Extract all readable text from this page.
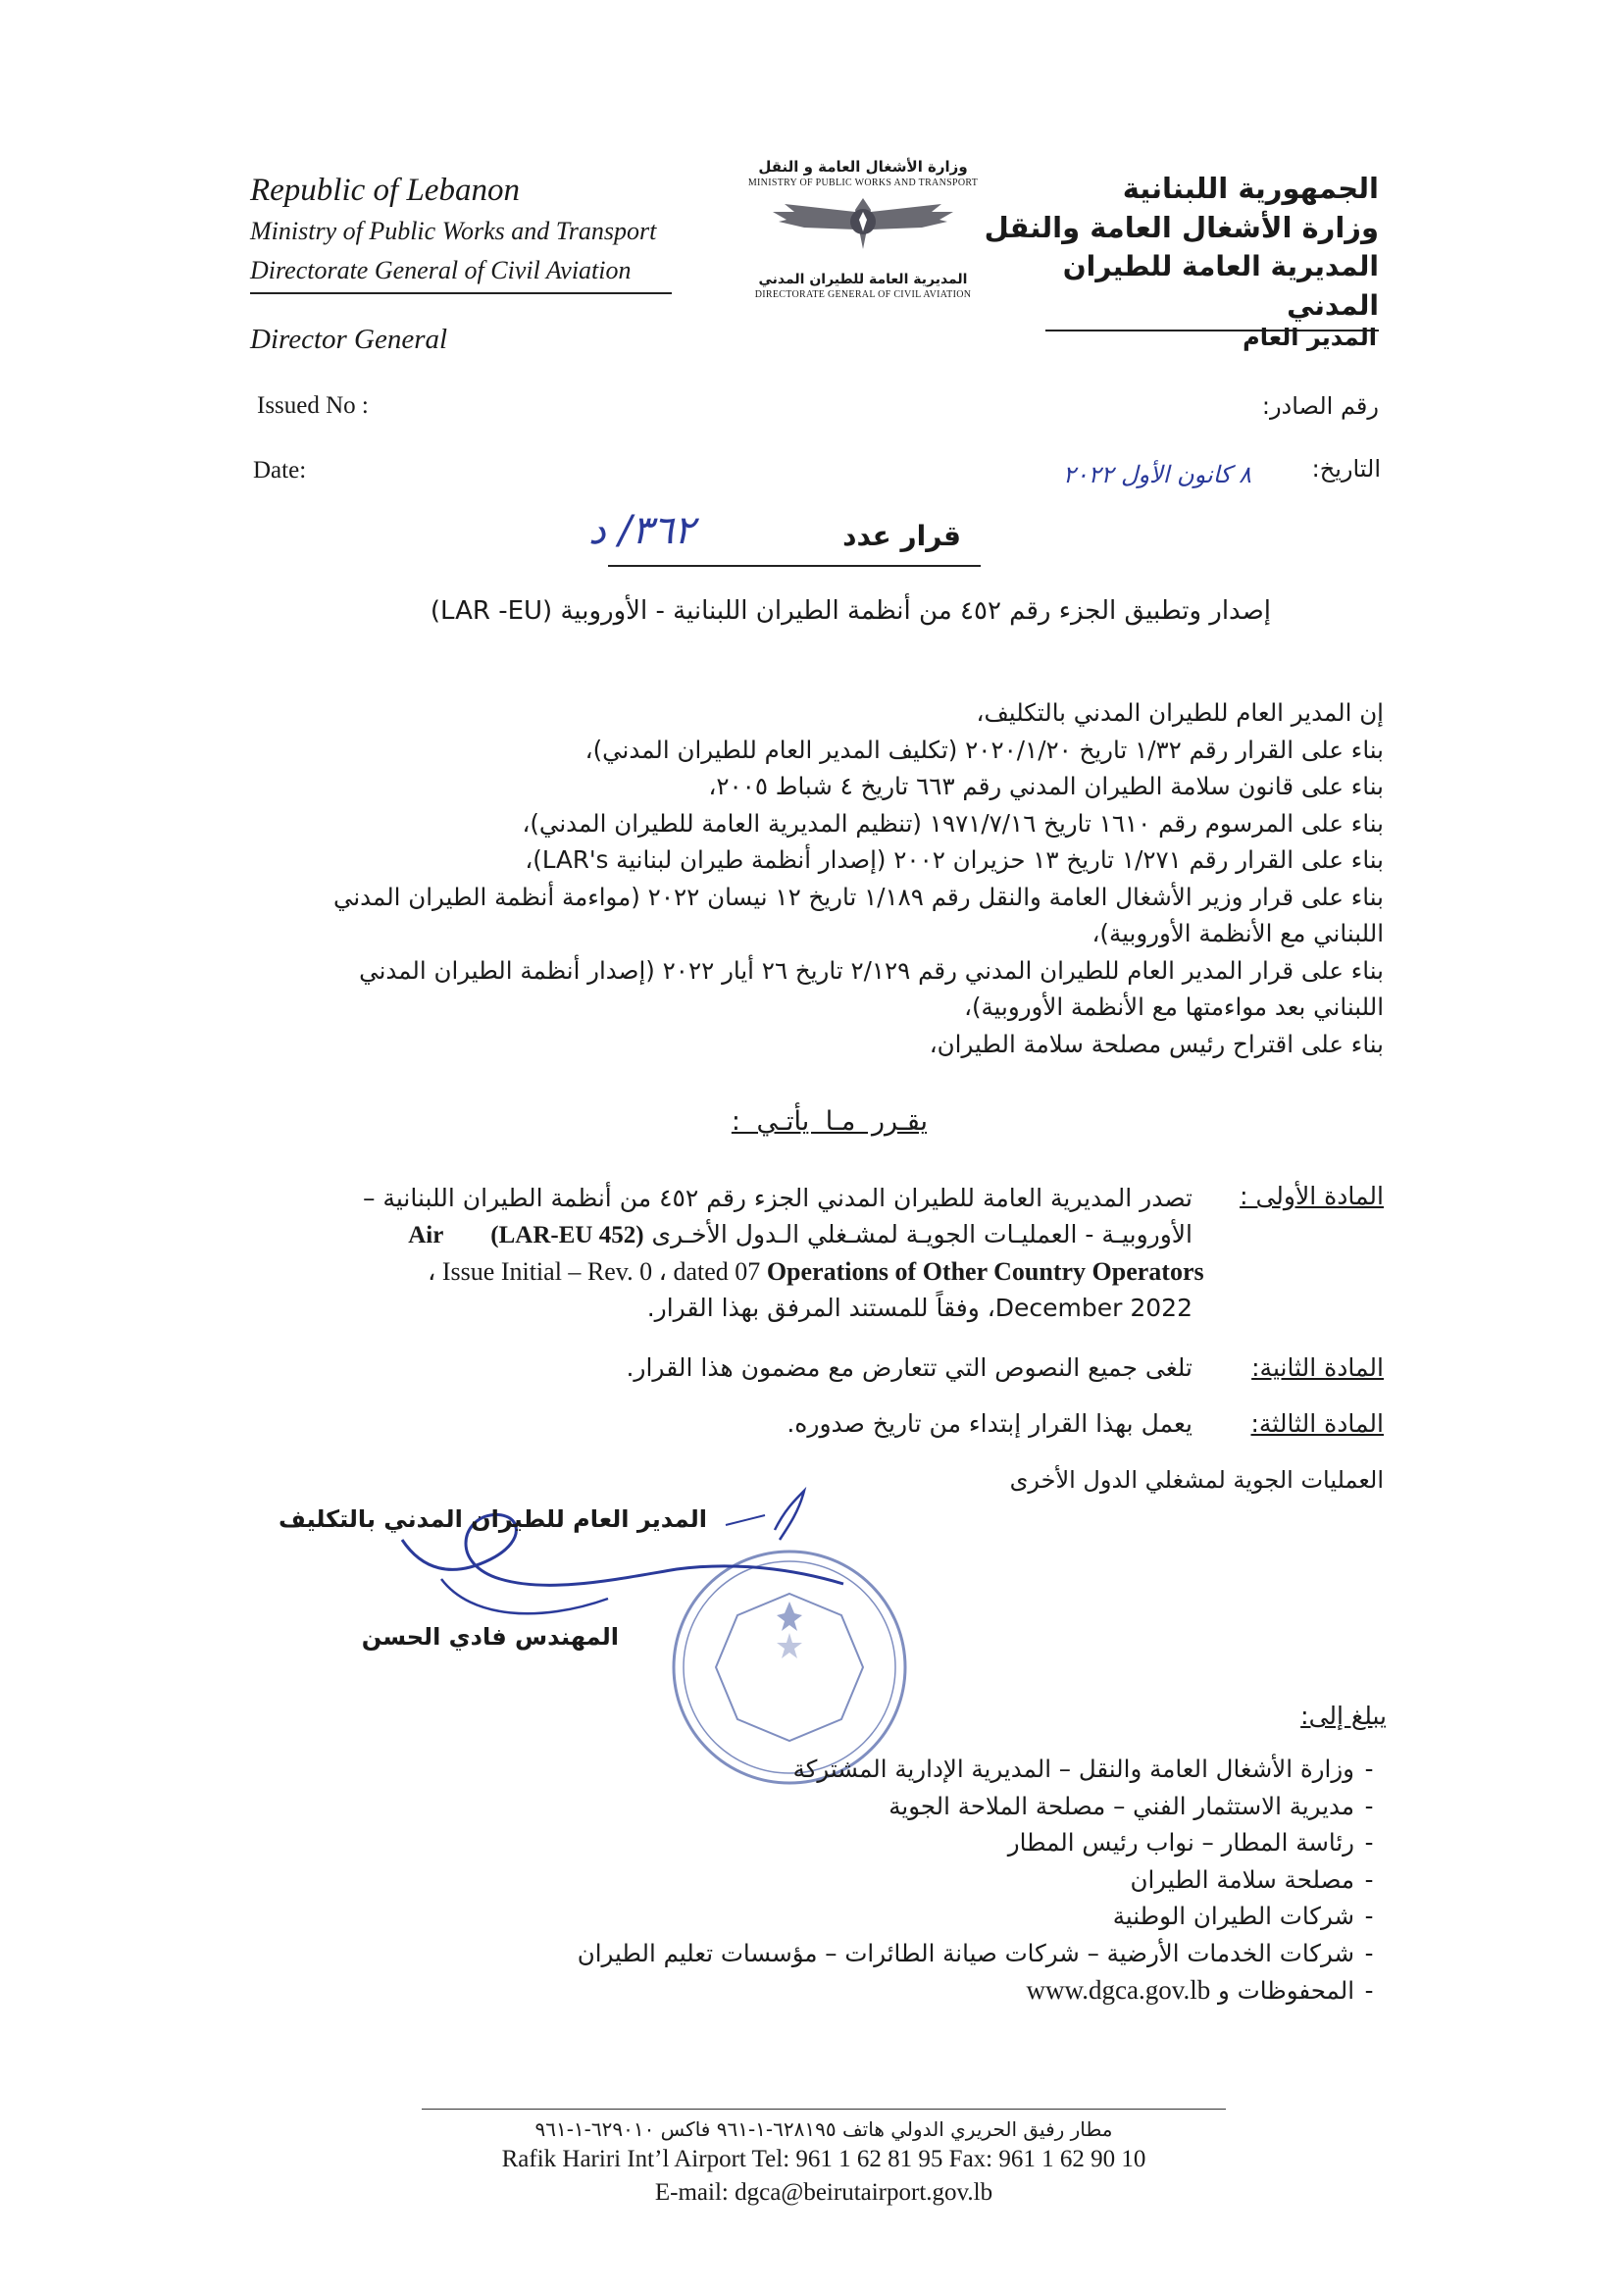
Republic of Lebanon
Ministry of Public Works and Transport
Directorate General of Civil Aviation
وزارة الأشغال العامة و النقل
MINISTRY OF PUBLIC WORKS AND TRANSPORT
المديرية العامة للطيران المدني
DIRECTORATE GENERAL OF CIVIL AVIATION
الجمهورية اللبنانية
وزارة الأشغال العامة والنقل
المديرية العامة للطيران المدني
Director General	المدير العام
Issued No :	رقم الصادر:
Date:	التاريخ:
٨ كانون الأول ٢٠٢٢
قرار عدد
٣٦٢/ د
إصدار وتطبيق الجزء رقم ٤٥٢ من أنظمة الطيران اللبنانية - الأوروبية (LAR -EU)
إن المدير العام للطيران المدني بالتكليف،
بناء على القرار رقم ١/٣٢ تاريخ ٢٠٢٠/١/٢٠ (تكليف المدير العام للطيران المدني)،
بناء على قانون سلامة الطيران المدني رقم ٦٦٣ تاريخ ٤ شباط ٢٠٠٥،
بناء على المرسوم رقم ١٦١٠ تاريخ ١٩٧١/٧/١٦ (تنظيم المديرية العامة للطيران المدني)،
بناء على القرار رقم ١/٢٧١ تاريخ ١٣ حزيران ٢٠٠٢ (إصدار أنظمة طيران لبنانية LAR's)،
بناء على قرار وزير الأشغال العامة والنقل رقم ١/١٨٩ تاريخ ١٢ نيسان ٢٠٢٢ (مواءمة أنظمة الطيران المدني
اللبناني مع الأنظمة الأوروبية)،
بناء على قرار المدير العام للطيران المدني رقم ٢/١٢٩ تاريخ ٢٦ أيار ٢٠٢٢ (إصدار أنظمة الطيران المدني
اللبناني بعد مواءمتها مع الأنظمة الأوروبية)،
بناء على اقتراح رئيس مصلحة سلامة الطيران،
يقـرر مـا يأتـي :
المادة الأولى :
تصدر المديرية العامة للطيران المدني الجزء رقم ٤٥٢ من أنظمة الطيران اللبنانية –
الأوروبيـة - العمليـات الجويـة لمشـغلي الـدول الأخـرى (LAR-EU 452) Air
، Issue Initial – Rev. 0 ، dated 07 Operations of Other Country Operators
December 2022، وفقاً للمستند المرفق بهذا القرار.
المادة الثانية:
تلغى جميع النصوص التي تتعارض مع مضمون هذا القرار.
المادة الثالثة:
يعمل بهذا القرار إبتداء من تاريخ صدوره.
العمليات الجوية لمشغلي الدول الأخرى
المدير العام للطيران المدني بالتكليف
المهندس فادي الحسن
يبلغ إلى:
-وزارة الأشغال العامة والنقل – المديرية الإدارية المشتركة
-مديرية الاستثمار الفني – مصلحة الملاحة الجوية
-رئاسة المطار – نواب رئيس المطار
-مصلحة سلامة الطيران
-شركات الطيران الوطنية
-شركات الخدمات الأرضية – شركات صيانة الطائرات – مؤسسات تعليم الطيران
-المحفوظات و www.dgca.gov.lb
مطار رفيق الحريري الدولي هاتف ٦٢٨١٩٥-١-٩٦١ فاكس ٦٢٩٠١٠-١-٩٦١
Rafik Hariri Int’l Airport Tel: 961 1 62 81 95 Fax: 961 1 62 90 10
E-mail: dgca@beirutairport.gov.lb
